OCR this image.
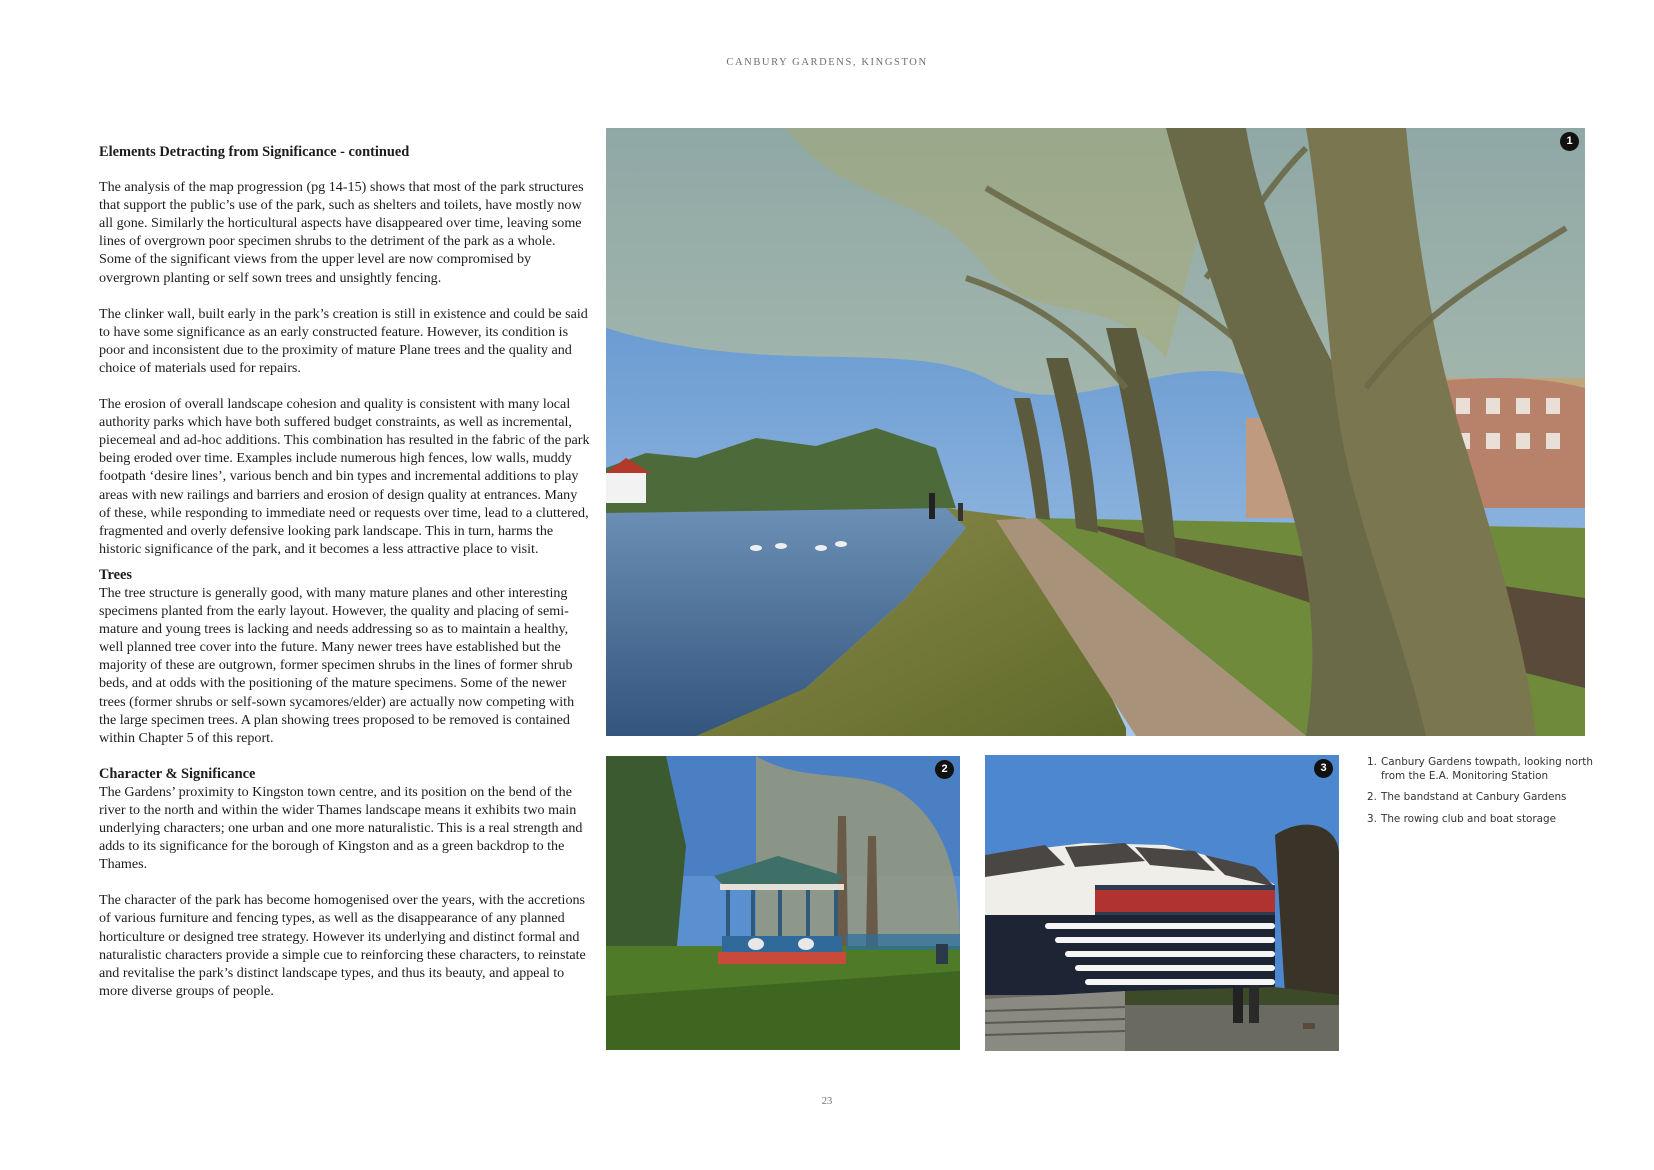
CANBURY GARDENS, KINGSTON
Elements Detracting from Significance - continued

The analysis of the map progression (pg 14-15) shows that most of the park structures that support the public’s use of the park, such as shelters and toilets, have mostly now all gone. Similarly the horticultural aspects have disappeared over time, leaving some lines of overgrown poor specimen shrubs to the detriment of the park as a whole. Some of the significant views from the upper level are now compromised by overgrown planting or self sown trees and unsightly fencing.

The clinker wall, built early in the park’s creation is still in existence and could be said to have some significance as an early constructed feature. However, its condition is poor and inconsistent due to the proximity of mature Plane trees and the quality and choice of materials used for repairs.

The erosion of overall landscape cohesion and quality is consistent with many local authority parks which have both suffered budget constraints, as well as incremental, piecemeal and ad-hoc additions. This combination has resulted in the fabric of the park being eroded over time. Examples include numerous high fences, low walls, muddy footpath ‘desire lines’, various bench and bin types and incremental additions to play areas with new railings and barriers and erosion of design quality at entrances. Many of these, while responding to immediate need or requests over time, lead to a cluttered, fragmented and overly defensive looking park landscape. This in turn, harms the historic significance of the park, and it becomes a less attractive place to visit.

Trees

The tree structure is generally good, with many mature planes and other interesting specimens planted from the early layout. However, the quality and placing of semi-mature and young trees is lacking and needs addressing so as to maintain a healthy, well planned tree cover into the future. Many newer trees have established but the majority of these are outgrown, former specimen shrubs in the lines of former shrub beds, and at odds with the positioning of the mature specimens. Some of the newer trees (former shrubs or self-sown sycamores/elder) are actually now competing with the large specimen trees. A plan showing trees proposed to be removed is contained within Chapter 5 of this report.

Character & Significance

The Gardens’ proximity to Kingston town centre, and its position on the bend of the river to the north and within the wider Thames landscape means it exhibits two main underlying characters; one urban and one more naturalistic. This is a real strength and adds to its significance for the borough of Kingston and as a green backdrop to the Thames.

The character of the park has become homogenised over the years, with the accretions of various furniture and fencing types, as well as the disappearance of any planned horticulture or designed tree strategy. However its underlying and distinct formal and naturalistic characters provide a simple cue to reinforcing these characters, to reinstate and revitalise the park’s distinct landscape types, and thus its beauty, and appeal to more diverse groups of people.

1
2	3	1. Canbury Gardens towpath, looking north from the E.A. Monitoring Station
2. The bandstand at Canbury Gardens
3. The rowing club and boat storage
23
